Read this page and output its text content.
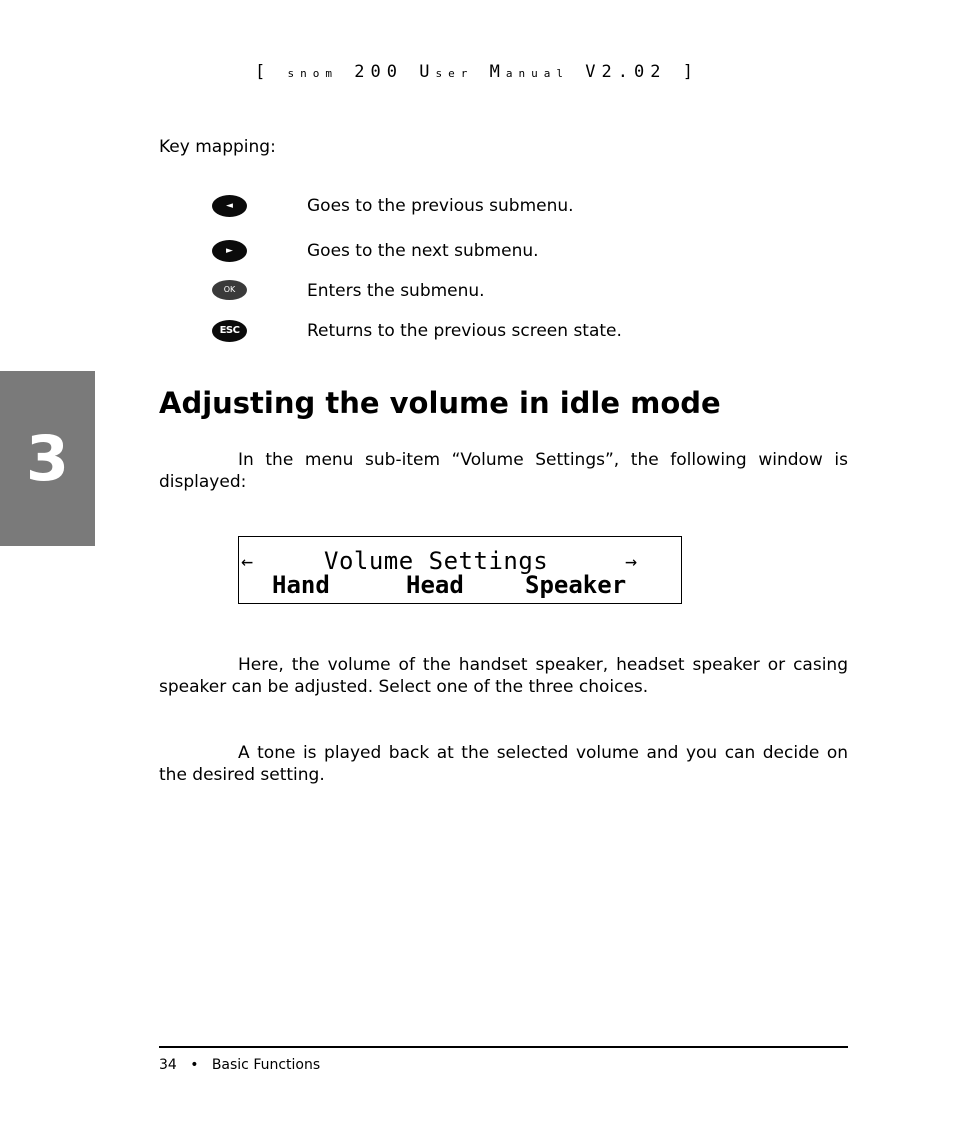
[ snom 200 User Manual V2.02 ]
Key mapping:
◄	Goes to the previous submenu.
►	Goes to the next submenu.
OK	Enters the submenu.
ESC	Returns to the previous screen state.
3
Adjusting the volume in idle mode

In the menu sub-item “Volume Settings”, the following window is displayed:

←	Volume Settings	→
Hand	Head	Speaker

Here, the volume of the handset speaker, headset speaker or casing speaker can be adjusted. Select one of the three choices.

A tone is played back at the selected volume and you can decide on the desired setting.

34 • Basic Functions
